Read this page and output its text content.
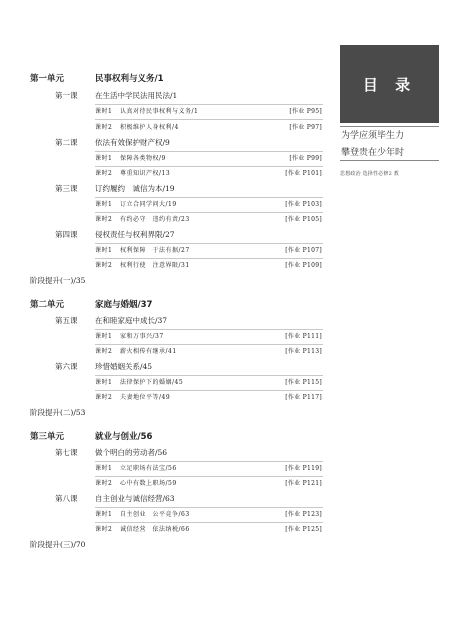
目 录
为学应须毕生力
攀登贵在少年时
思想政治 选择性必修2 教
第一单元	民事权利与义务/1
第一课 在生活中学民法用民法/1
课时1 认真对待民事权利与义务/1	[作业 P95]
课时2 积极维护人身权利/4	[作业 P97]
第二课 依法有效保护财产权/9
课时1 保障各类物权/9	[作业 P99]
课时2 尊重知识产权/13	[作业 P101]
第三课 订约履约　诚信为本/19
课时1 订立合同学问大/19	[作业 P103]
课时2 有约必守　违约有责/23	[作业 P105]
第四课 侵权责任与权利界限/27
课时1 权利保障　于法有据/27	[作业 P107]
课时2 权利行使　注意界限/31	[作业 P109]
阶段提升(一)/35
第二单元	家庭与婚姻/37
第五课 在和睦家庭中成长/37
课时1 家和万事兴/37	[作业 P111]
课时2 薪火相传有继承/41	[作业 P113]
第六课 珍惜婚姻关系/45
课时1 法律保护下的婚姻/45	[作业 P115]
课时2 夫妻地位平等/49	[作业 P117]
阶段提升(二)/53
第三单元	就业与创业/56
第七课 做个明白的劳动者/56
课时1 立足职场有法宝/56	[作业 P119]
课时2 心中有数上职场/59	[作业 P121]
第八课 自主创业与诚信经营/63
课时1 自主创业　公平竞争/63	[作业 P123]
课时2 诚信经营　依法纳税/66	[作业 P125]
阶段提升(三)/70
